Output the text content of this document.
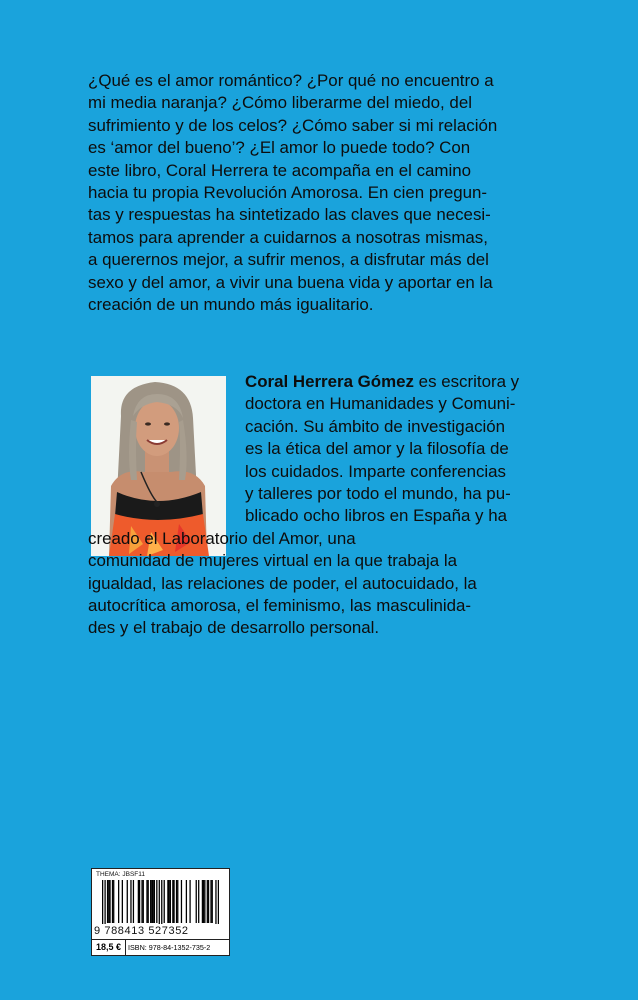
¿Qué es el amor romántico? ¿Por qué no encuentro a
mi media naranja? ¿Cómo liberarme del miedo, del
sufrimiento y de los celos? ¿Cómo saber si mi relación
es ‘amor del bueno’? ¿El amor lo puede todo? Con
este libro, Coral Herrera te acompaña en el camino
hacia tu propia Revolución Amorosa. En cien pregun-
tas y respuestas ha sintetizado las claves que necesi-
tamos para aprender a cuidarnos a nosotras mismas,
a querernos mejor, a sufrir menos, a disfrutar más del
sexo y del amor, a vivir una buena vida y aportar en la
creación de un mundo más igualitario.
Coral Herrera Gómez es escritora y
doctora en Humanidades y Comuni-
cación. Su ámbito de investigación
es la ética del amor y la filosofía de
los cuidados. Imparte conferencias
y talleres por todo el mundo, ha pu-
blicado ocho libros en España y ha
creado el Laboratorio del Amor, una
comunidad de mujeres virtual en la que trabaja la
igualdad, las relaciones de poder, el autocuidado, la
autocrítica amorosa, el feminismo, las masculinida-
des y el trabajo de desarrollo personal.
THEMA: JBSF11
9 788413 527352
18,5 € ISBN: 978-84-1352-735-2
